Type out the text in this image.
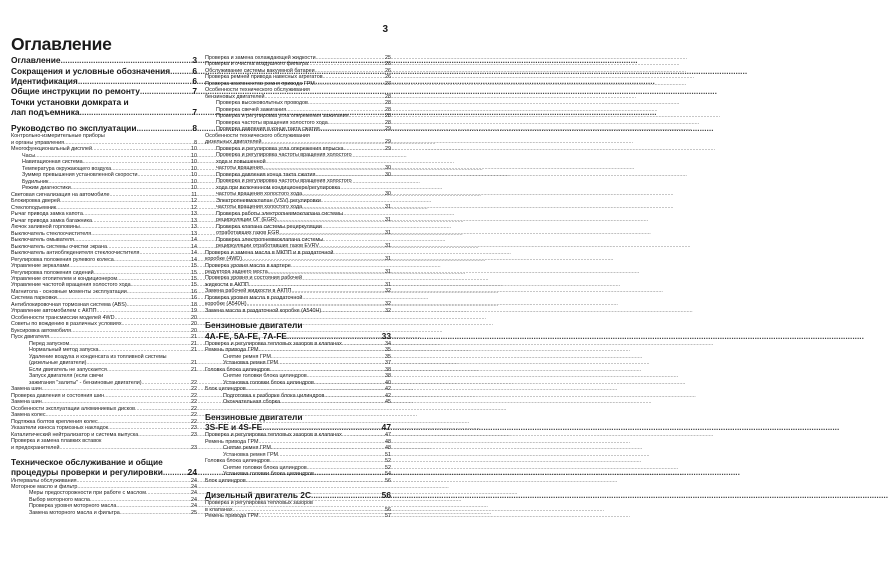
3
Оглавление
Оглавление .....	3
Сокращения и условные обозначения .....	6
Идентификация .....	6
Общие инструкции по ремонту .....	7
Точки установки домкрата и
лап подъемника .....	7
Руководство по эксплуатации .....	8
Контрольно-измерительные приборы
и органы управления .....	8
Многофункциональный дисплей .....	10
Часы .....	10
Навигационная система .....	10
Температура окружающего воздуха .....	10
Зуммер превышения установленной скорости .....	10
Будильник .....	10
Режим диагностики .....	10
Световая сигнализация на автомобиле .....	11
Блокировка дверей .....	12
Стеклоподъемник .....	12
Рычаг привода замка капота .....	13
Рычаг привода замка багажника .....	13
Лючок заливной горловины .....	13
Выключатель стеклоочистителя .....	13
Выключатель омывателя .....	14
Выключатель системы очистки экрана .....	14
Выключатель антиобледенителя стеклоочистителя .....	14
Регулировка положения рулевого колеса .....	14
Управление зеркалами .....	15
Регулировка положения сидений .....	15
Управление отопителем и кондиционером .....	15
Управление частотой вращения холостого хода .....	15
Магнитола - основные моменты эксплуатации .....	16
Система парковки .....	16
Антиблокировочная тормозная система (ABS) .....	18
Управление автомобилем с АКПП .....	19
Особенности трансмиссии моделей 4WD .....	20
Советы по вождению в различных условиях .....	20
Буксировка автомобиля .....	20
Пуск двигателя .....	21
Перед запуском .....	21
Нормальный метод запуска .....	21
Удаление воздуха и конденсата из топливной системы
(дизельные двигатели) .....	21
Если двигатель не запускается .....	21
Запуск двигателя (если свечи
зажигания "залиты" - бензиновые двигатели) .....	22
Замена шин .....	22
Проверка давления и состояния шин .....	22
Замена шин .....	22
Особенности эксплуатации алюминиевых дисков .....	22
Замена колес .....	22
Подтяжка болтов крепления колес .....	22
Указатели износа тормозных накладок .....	23
Каталитический нейтрализатор и система выпуска .....	23
Проверка и замена плавких вставок
и предохранителей .....	23
Техническое обслуживание и общие
процедуры проверки и регулировки .....	24
Интервалы обслуживания .....	24
Моторное масло и фильтр .....	24
Меры предосторожности при работе с маслом .....	24
Выбор моторного масла .....	24
Проверка уровня моторного масла .....	24
Замена моторного масла и фильтра .....	25
Проверка и замена охлаждающей жидкости .....	25
Проверка и очистка воздушного фильтра .....	26
Обслуживание системы вакуумной батареи .....	26
Проверка ремней привода навесных агрегатов .....	26
Проверка компонентов ремня привода ГРМ .....	27
Особенности технического обслуживания
бензиновых двигателей .....	28
Проверка высоковольтных проводов .....	28
Проверка свечей зажигания .....	28
Проверка и регулировка угла опережения зажигания .....	28
Проверка частоты вращения холостого хода .....	28
Проверка давления в конце такта сжатия .....	29
Особенности технического обслуживания
дизельных двигателей .....	29
Проверка и регулировка угла опережения впрыска .....	29
Проверка и регулировка частоты вращения холостого
хода и повышенной
частоты вращения .....	30
Проверка давления конца такта сжатия .....	30
Проверка и регулировка частоты вращения холостого
хода при включенном кондиционере/регулировка
частоты вращения холостого хода .....	30
Электропневмоклапан (VSV) регулировки
частоты вращения холостого хода .....	31
Проверка работы электропневмоклапана системы
рециркуляции ОГ (EGR) .....	31
Проверка клапана системы рециркуляции
отработавших газов EGR .....	31
Проверка электропневмоклапана системы
рециркуляции отработавших газов EVRV .....	31
Проверка и замена масла в МКПП и в раздаточной
коробке (4WD) .....	31
Проверка уровня масла в картере
редуктора заднего моста .....	31
Проверка уровня и состояния рабочей
жидкости в АКПП .....	31
Замена рабочей жидкости в АКПП .....	32
Проверка уровня масла в раздаточной
коробке (А540Н) .....	32
Замена масла в раздаточной коробке (А540Н) .....	32
Бензиновые двигатели
4A-FE, 5A-FE, 7A-FE .....	33
Проверка и регулировка тепловых зазоров в клапанах .....	34
Ремень привода ГРМ .....	35
Снятие ремня ГРМ .....	35
Установка ремня ГРМ .....	37
Головка блока цилиндров .....	38
Снятие головки блока цилиндров .....	38
Установка головки блока цилиндров .....	40
Блок цилиндров .....	42
Подготовка к разборке блока цилиндров .....	42
Окончательная сборка .....	45
Бензиновые двигатели
3S-FE и 4S-FE .....	47
Проверка и регулировка тепловых зазоров в клапанах .....	47
Ремень привода ГРМ .....	48
Снятие ремня ГРМ .....	48
Установка ремня ГРМ .....	51
Головка блока цилиндров .....	52
Снятие головки блока цилиндров .....	52
Установка головки блока цилиндров .....	54
Блок цилиндров .....	56
Дизельный двигатель 2С .....	56
Проверка и регулировка тепловых зазоров
в клапанах .....	56
Ремень привода ГРМ .....	57
